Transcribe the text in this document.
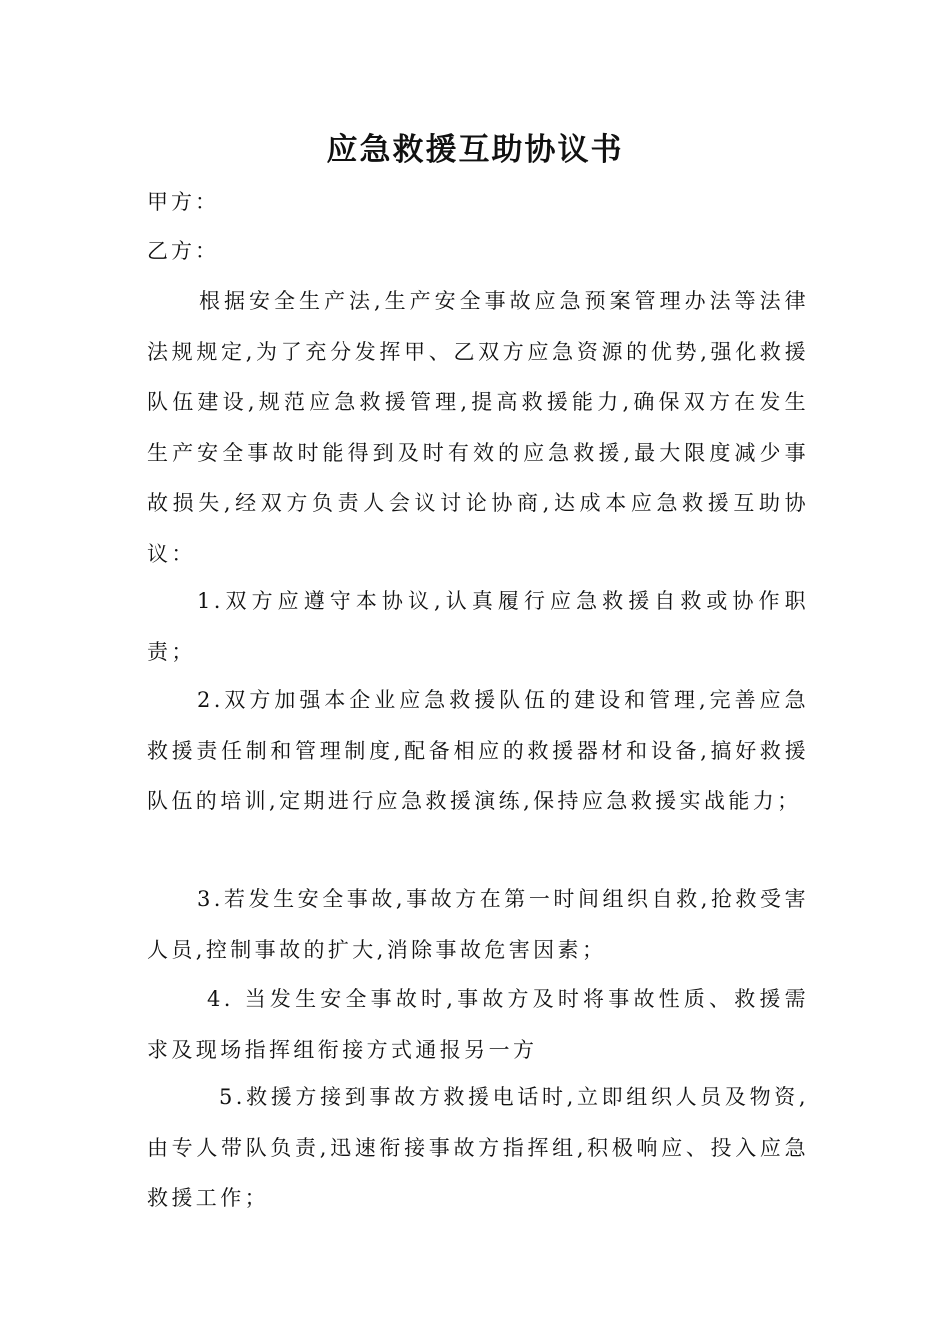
应急救援互助协议书
甲方：
乙方：

根据安全生产法,生产安全事故应急预案管理办法等法律法规规定,为了充分发挥甲、乙双方应急资源的优势,强化救援队伍建设,规范应急救援管理,提高救援能力,确保双方在发生生产安全事故时能得到及时有效的应急救援,最大限度减少事故损失,经双方负责人会议讨论协商,达成本应急救援互助协议：

1.双方应遵守本协议,认真履行应急救援自救或协作职责；

2.双方加强本企业应急救援队伍的建设和管理,完善应急救援责任制和管理制度,配备相应的救援器材和设备,搞好救援队伍的培训,定期进行应急救援演练,保持应急救援实战能力；

3.若发生安全事故,事故方在第一时间组织自救,抢救受害人员,控制事故的扩大,消除事故危害因素；

4. 当发生安全事故时,事故方及时将事故性质、救援需求及现场指挥组衔接方式通报另一方

5.救援方接到事故方救援电话时,立即组织人员及物资,由专人带队负责,迅速衔接事故方指挥组,积极响应、投入应急救援工作；
